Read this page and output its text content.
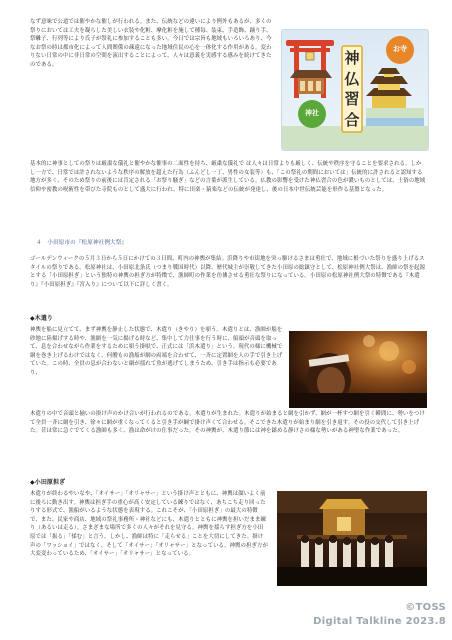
なず意味で公道では催やかな催しが行われる。また、伝統などの違いにより例外もあるが、多くの祭りにおいては工夫を凝らした美しい衣装や化粧、摩化粧を施して種毎、装束、手造飾、踊り手、祭囃子、行列等により氏子が祭礼に参加することも多い。今日では宗旨も地域もいろいろあり、今なお祭の時は都市化によって人間関係の疎遠になった地域住民の心を一体化する作用がある。変わりない日常の中に非日常の空間を演出することによって、人々は意義を実感する感みを続けてきたのである。

お寺
神社
神
仏
習
合

基本的に神事としての祭りは厳粛な儀礼と催やかな催事の二面性を持ち、厳粛な儀礼で は人々は日常よりも厳しく、伝統や秩序を守ることを要求される。しかし一方で、日常では許されないような秩序の解放を超えた行為（ふんどし一丁、男性の女装等）も、「この祭礼の期間においては」伝統的に許されると認知する地方が多く、そのため祭りの前後には肯定される「お祭り騒ぎ」などの言葉が派生している。仏教の影響を受けた神仏習合の色が濃いものとしては、土俗の地域信仰や密教の呪術性を帯びた寺院ものとして盛大に行われ、特に田楽・猿楽などの伝統が発達し、後の日本中世伝統芸能を形作る基盤となった。

４　小田原市の『松原神社例大祭』

ゴールデンウィークの５月３日から５日にかけての３日間、町内の神輿が集結。浜降りや市街地を突っ駆けるさまは勇壮で、地域に根づいた祭りを盛り上げるスタイルの祭りである。松原神社は、小田原北条氏（つまり戦国時代）以降、歴代城主が崇敬してきた小田原の総鎮守として、松原神社例大祭は、漁師の祭を起源とする「小田原担ぎ」という独特の神輿の担ぎ方が特徴で、漁師町の作業を彷彿させる勇壮な祭りになっている。小田原の松原神社例大祭の特徴である『木遣り』『小田原担ぎ』『宮入り』について以下に詳しく書く。

◆木遣り

神輿を船に見立てて、まず神輿を静止した状態で、木遣り（きやり）を唄う。木遣りとは、漁師が船を砂地に陸揚げする時や、漁網を一気に揚げる時など、集中して力仕事を行う時に、船頭が音頭を取って、息を合わせながら作業をするために唄う掛唄で、正式には「浜木遣り」という。現代の様に機械で網を巻き上げるわけではなく、何艘もの漁船が網の両端を合わせて、一斉に定置網を人の手で引き上げていた。この時、全員の息が合わないと網が揺れて魚が逃げてしまうため、引き手は指示も必要であり、

木遣りの中で音頭と揃いの掛け声のかけ合いが行われるのである。木遣りが生まれた。木遣りが始まると網を引かず、網が一杯すつ網を引く瞬間に、勢いをつけて全員一斉に網を引き、徐々に網が重くなってくると引き手が綱で掛け声くて合わせる。そこできた木遣りが始まり網を引き返す。その役の交代して引き上げた。昔は常に急ぐでてくる漁師も多く、漁は命がけの仕事だった。その神輿が、木遣り節には神を鎮める静けさの様な勢いがある神聖な作業であった。

◆小田原担ぎ

木遣りが終わるやいなや、「オイサー」「オリャサー」という掛け声とともに、神輿は顔いよく前に後ろに動き出す。神輿は担ぎ手の重心が高く安定している練りではなく、あちこち走り回ったりする形式で、漁船がいるような状態を表現する。これこそが、「小田原担ぎ」の最大の特徴で、また、民家や商店、地域の祭礼事務所・神社などにも、木遣りとともに神輿を担いだまま練り（あるいは走る）。さまざまな場所で多くの人々がそれを見守る。神輿を揺らす担ぎ方を小田原では「振る」「揉む」と言う。しかし、漁師は特に「走らせる」ことを大切にしてきた。掛け声の「ワッショイ」ではなく、そして「オイサー」「オリャサー」となっている。神輿の担ぎ方が大変変わっているため、「オイサー」「オリャサー」となっている。

©TOSS
Digital Talkline 2023.8
